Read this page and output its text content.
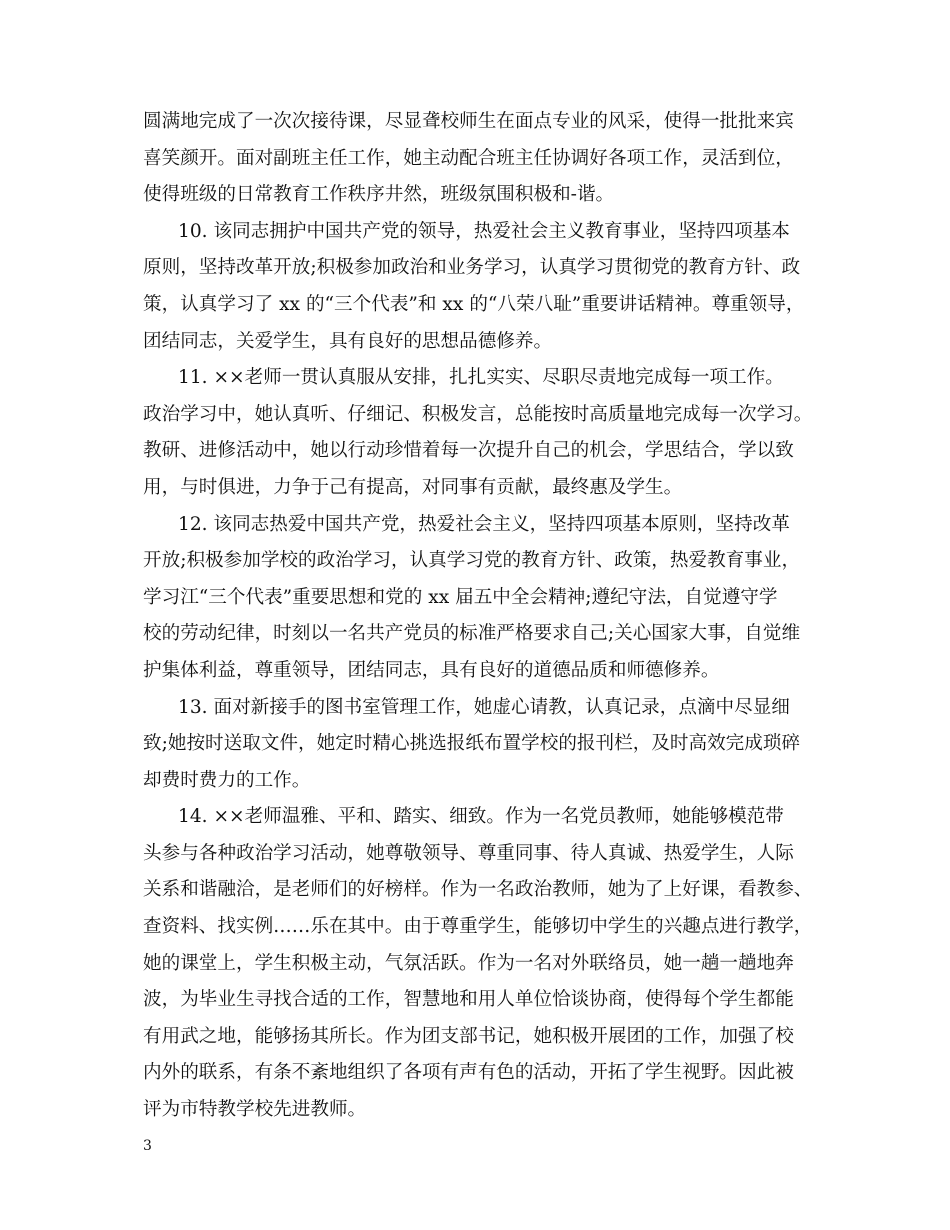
圆满地完成了一次次接待课，尽显聋校师生在面点专业的风采，使得一批批来宾
喜笑颜开。面对副班主任工作，她主动配合班主任协调好各项工作，灵活到位，
使得班级的日常教育工作秩序井然，班级氛围积极和-谐。
10. 该同志拥护中国共产党的领导，热爱社会主义教育事业，坚持四项基本
原则，坚持改革开放;积极参加政治和业务学习，认真学习贯彻党的教育方针、政
策，认真学习了 xx 的“三个代表”和 xx 的“八荣八耻”重要讲话精神。尊重领导，
团结同志，关爱学生，具有良好的思想品德修养。
11. ××老师一贯认真服从安排，扎扎实实、尽职尽责地完成每一项工作。
政治学习中，她认真听、仔细记、积极发言，总能按时高质量地完成每一次学习。
教研、进修活动中，她以行动珍惜着每一次提升自己的机会，学思结合，学以致
用，与时俱进，力争于己有提高，对同事有贡献，最终惠及学生。
12. 该同志热爱中国共产党，热爱社会主义，坚持四项基本原则，坚持改革
开放;积极参加学校的政治学习，认真学习党的教育方针、政策，热爱教育事业，
学习江“三个代表”重要思想和党的 xx 届五中全会精神;遵纪守法，自觉遵守学
校的劳动纪律，时刻以一名共产党员的标准严格要求自己;关心国家大事，自觉维
护集体利益，尊重领导，团结同志，具有良好的道德品质和师德修养。
13. 面对新接手的图书室管理工作，她虚心请教，认真记录，点滴中尽显细
致;她按时送取文件，她定时精心挑选报纸布置学校的报刊栏，及时高效完成琐碎
却费时费力的工作。
14. ××老师温雅、平和、踏实、细致。作为一名党员教师，她能够模范带
头参与各种政治学习活动，她尊敬领导、尊重同事、待人真诚、热爱学生，人际
关系和谐融洽，是老师们的好榜样。作为一名政治教师，她为了上好课，看教参、
查资料、找实例……乐在其中。由于尊重学生，能够切中学生的兴趣点进行教学，
她的课堂上，学生积极主动，气氛活跃。作为一名对外联络员，她一趟一趟地奔
波，为毕业生寻找合适的工作，智慧地和用人单位恰谈协商，使得每个学生都能
有用武之地，能够扬其所长。作为团支部书记，她积极开展团的工作，加强了校
内外的联系，有条不紊地组织了各项有声有色的活动，开拓了学生视野。因此被
评为市特教学校先进教师。
3
